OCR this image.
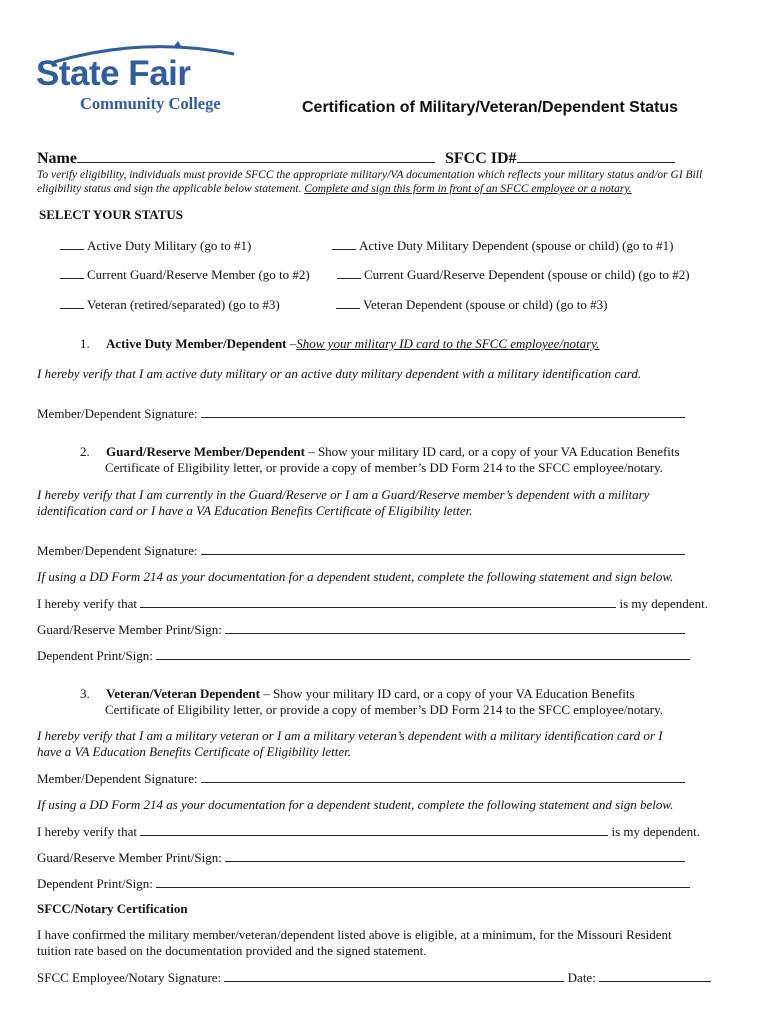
State Fair
Community College	Certification of Military/Veteran/Dependent Status
Name	SFCC ID#
To verify eligibility, individuals must provide SFCC the appropriate military/VA documentation which reflects your military status and/or GI Bill eligibility status and sign the applicable below statement. Complete and sign this form in front of an SFCC employee or a notary.
SELECT YOUR STATUS
Active Duty Military (go to #1)	Active Duty Military Dependent (spouse or child) (go to #1)
Current Guard/Reserve Member (go to #2)	Current Guard/Reserve Dependent (spouse or child) (go to #2)
Veteran (retired/separated) (go to #3)	Veteran Dependent (spouse or child) (go to #3)
1. Active Duty Member/Dependent –Show your military ID card to the SFCC employee/notary.
I hereby verify that I am active duty military or an active duty military dependent with a military identification card.
Member/Dependent Signature:
2. Guard/Reserve Member/Dependent – Show your military ID card, or a copy of your VA Education Benefits
Certificate of Eligibility letter, or provide a copy of member’s DD Form 214 to the SFCC employee/notary.
I hereby verify that I am currently in the Guard/Reserve or I am a Guard/Reserve member’s dependent with a military
identification card or I have a VA Education Benefits Certificate of Eligibility letter.
Member/Dependent Signature:
If using a DD Form 214 as your documentation for a dependent student, complete the following statement and sign below.
I hereby verify that	is my dependent.
Guard/Reserve Member Print/Sign:
Dependent Print/Sign:
3. Veteran/Veteran Dependent – Show your military ID card, or a copy of your VA Education Benefits
Certificate of Eligibility letter, or provide a copy of member’s DD Form 214 to the SFCC employee/notary.
I hereby verify that I am a military veteran or I am a military veteran’s dependent with a military identification card or I
have a VA Education Benefits Certificate of Eligibility letter.
Member/Dependent Signature:
If using a DD Form 214 as your documentation for a dependent student, complete the following statement and sign below.
I hereby verify that	is my dependent.
Guard/Reserve Member Print/Sign:
Dependent Print/Sign:
SFCC/Notary Certification
I have confirmed the military member/veteran/dependent listed above is eligible, at a minimum, for the Missouri Resident
tuition rate based on the documentation provided and the signed statement.
SFCC Employee/Notary Signature:	Date:
